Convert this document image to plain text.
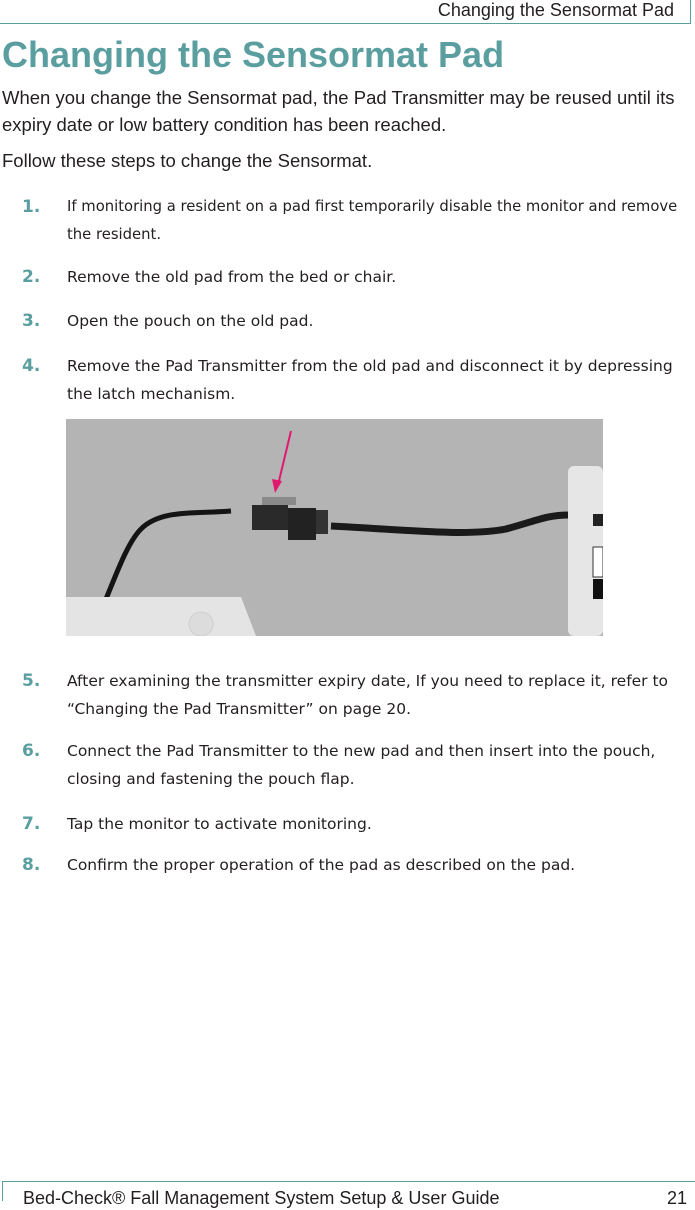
Changing the Sensormat Pad
Changing the Sensormat Pad
When you change the Sensormat pad, the Pad Transmitter may be reused until its expiry date or low battery condition has been reached.
Follow these steps to change the Sensormat.
1. If monitoring a resident on a pad first temporarily disable the monitor and remove the resident.
2. Remove the old pad from the bed or chair.
3. Open the pouch on the old pad.
4. Remove the Pad Transmitter from the old pad and disconnect it by depressing the latch mechanism.
5. After examining the transmitter expiry date, If you need to replace it, refer to “Changing the Pad Transmitter” on page 20.
6. Connect the Pad Transmitter to the new pad and then insert into the pouch, closing and fastening the pouch flap.
7. Tap the monitor to activate monitoring.
8. Confirm the proper operation of the pad as described on the pad.
Bed-Check® Fall Management System Setup & User Guide	21
